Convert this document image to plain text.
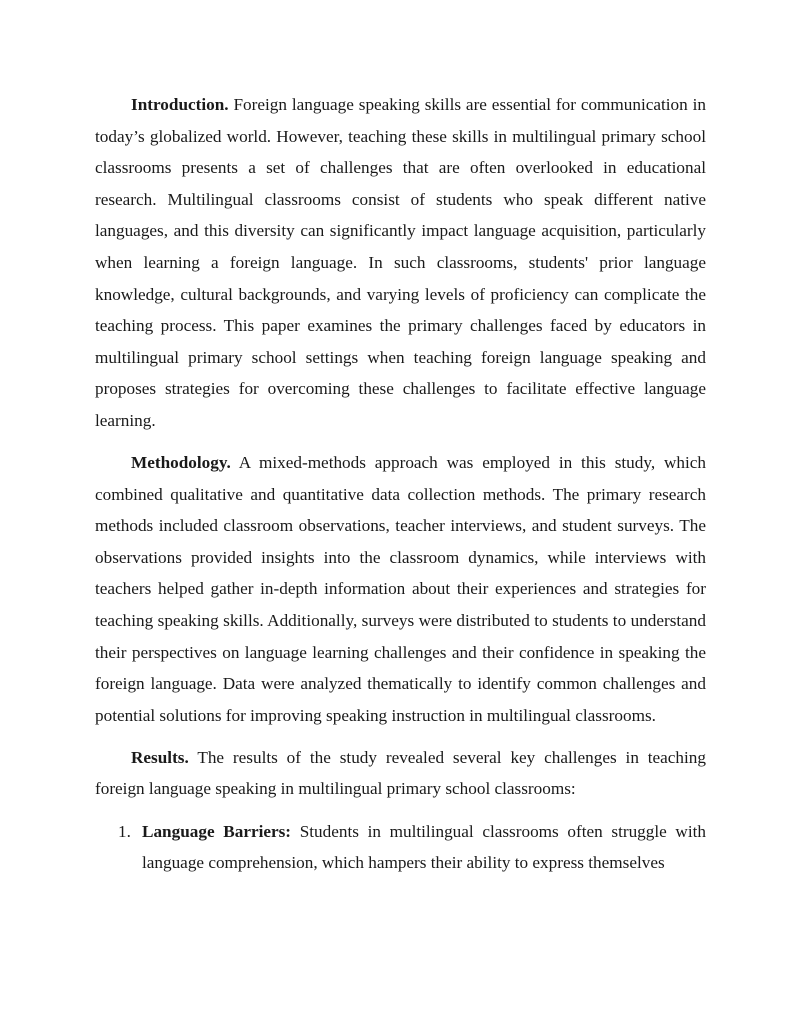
Introduction. Foreign language speaking skills are essential for communication in today’s globalized world. However, teaching these skills in multilingual primary school classrooms presents a set of challenges that are often overlooked in educational research. Multilingual classrooms consist of students who speak different native languages, and this diversity can significantly impact language acquisition, particularly when learning a foreign language. In such classrooms, students' prior language knowledge, cultural backgrounds, and varying levels of proficiency can complicate the teaching process. This paper examines the primary challenges faced by educators in multilingual primary school settings when teaching foreign language speaking and proposes strategies for overcoming these challenges to facilitate effective language learning.

Methodology. A mixed-methods approach was employed in this study, which combined qualitative and quantitative data collection methods. The primary research methods included classroom observations, teacher interviews, and student surveys. The observations provided insights into the classroom dynamics, while interviews with teachers helped gather in-depth information about their experiences and strategies for teaching speaking skills. Additionally, surveys were distributed to students to understand their perspectives on language learning challenges and their confidence in speaking the foreign language. Data were analyzed thematically to identify common challenges and potential solutions for improving speaking instruction in multilingual classrooms.

Results. The results of the study revealed several key challenges in teaching foreign language speaking in multilingual primary school classrooms:

1. Language Barriers: Students in multilingual classrooms often struggle with language comprehension, which hampers their ability to express themselves
